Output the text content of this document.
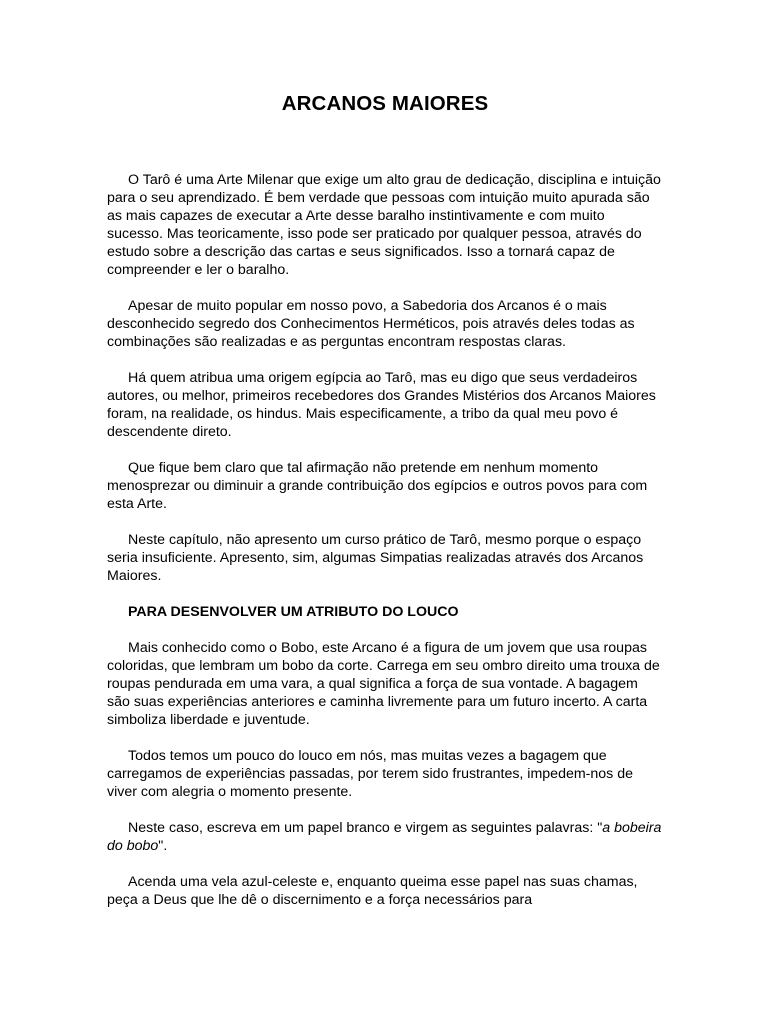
ARCANOS MAIORES

O Tarô é uma Arte Milenar que exige um alto grau de dedicação, disciplina e intuição para o seu aprendizado. É bem verdade que pessoas com intuição muito apurada são as mais capazes de executar a Arte desse baralho instintivamente e com muito sucesso. Mas teoricamente, isso pode ser praticado por qualquer pessoa, através do estudo sobre a descrição das cartas e seus significados. Isso a tornará capaz de compreender e ler o baralho.

Apesar de muito popular em nosso povo, a Sabedoria dos Arcanos é o mais desconhecido segredo dos Conhecimentos Herméticos, pois através deles todas as combinações são realizadas e as perguntas encontram respostas claras.

Há quem atribua uma origem egípcia ao Tarô, mas eu digo que seus verdadeiros autores, ou melhor, primeiros recebedores dos Grandes Mistérios dos Arcanos Maiores foram, na realidade, os hindus. Mais especificamente, a tribo da qual meu povo é descendente direto.

Que fique bem claro que tal afirmação não pretende em nenhum momento menosprezar ou diminuir a grande contribuição dos egípcios e outros povos para com esta Arte.

Neste capítulo, não apresento um curso prático de Tarô, mesmo porque o espaço seria insuficiente. Apresento, sim, algumas Simpatias realizadas através dos Arcanos Maiores.

PARA DESENVOLVER UM ATRIBUTO DO LOUCO

Mais conhecido como o Bobo, este Arcano é a figura de um jovem que usa roupas coloridas, que lembram um bobo da corte. Carrega em seu ombro direito uma trouxa de roupas pendurada em uma vara, a qual significa a força de sua vontade. A bagagem são suas experiências anteriores e caminha livremente para um futuro incerto. A carta simboliza liberdade e juventude.

Todos temos um pouco do louco em nós, mas muitas vezes a bagagem que carregamos de experiências passadas, por terem sido frustrantes, impedem-nos de viver com alegria o momento presente.

Neste caso, escreva em um papel branco e virgem as seguintes palavras: "a bobeira do bobo".

Acenda uma vela azul-celeste e, enquanto queima esse papel nas suas chamas, peça a Deus que lhe dê o discernimento e a força necessários para
